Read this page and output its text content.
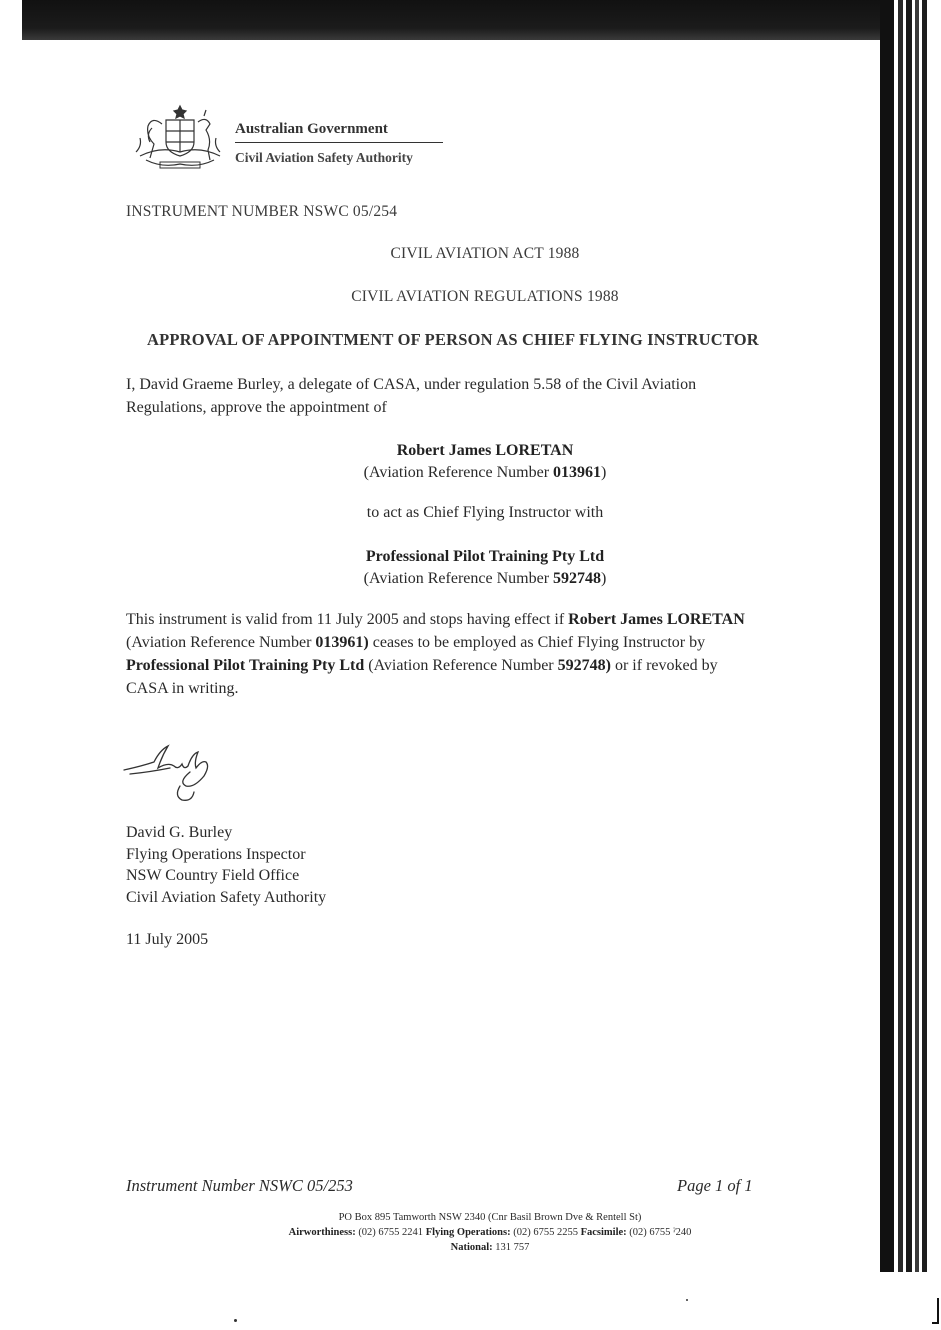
Australian Government
Civil Aviation Safety Authority
INSTRUMENT NUMBER NSWC 05/254
CIVIL AVIATION ACT 1988
CIVIL AVIATION REGULATIONS 1988
APPROVAL OF APPOINTMENT OF PERSON AS CHIEF FLYING INSTRUCTOR
I, David Graeme Burley, a delegate of CASA, under regulation 5.58 of the Civil Aviation
Regulations, approve the appointment of
Robert James LORETAN
(Aviation Reference Number 013961)
to act as Chief Flying Instructor with
Professional Pilot Training Pty Ltd
(Aviation Reference Number 592748)
This instrument is valid from 11 July 2005 and stops having effect if Robert James LORETAN
(Aviation Reference Number 013961) ceases to be employed as Chief Flying Instructor by
Professional Pilot Training Pty Ltd (Aviation Reference Number 592748) or if revoked by
CASA in writing.
David G. Burley
Flying Operations Inspector
NSW Country Field Office
Civil Aviation Safety Authority
11 July 2005
Instrument Number NSWC 05/253	Page 1 of 1
PO Box 895 Tamworth NSW 2340 (Cnr Basil Brown Dve & Rentell St)
Airworthiness: (02) 6755 2241 Flying Operations: (02) 6755 2255 Facsimile: (02) 6755 ˀ240
National: 131 757
